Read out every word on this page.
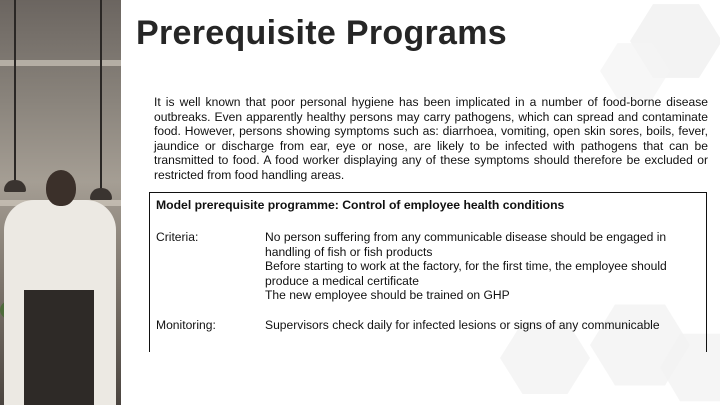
Prerequisite Programs

It is well known that poor personal hygiene has been implicated in a number of food-borne disease outbreaks. Even apparently healthy persons may carry pathogens, which can spread and contaminate food. However, persons showing symptoms such as: diarrhoea, vomiting, open skin sores, boils, fever, jaundice or discharge from ear, eye or nose, are likely to be infected with pathogens that can be transmitted to food. A food worker displaying any of these symptoms should therefore be excluded or restricted from food handling areas.

Model prerequisite programme: Control of employee health conditions
Criteria:	No person suffering from any communicable disease should be engaged in
handling of fish or fish products
Before starting to work at the factory, for the first time, the employee should
produce a medical certificate
The new employee should be trained on GHP
Monitoring:	Supervisors check daily for infected lesions or signs of any communicable
